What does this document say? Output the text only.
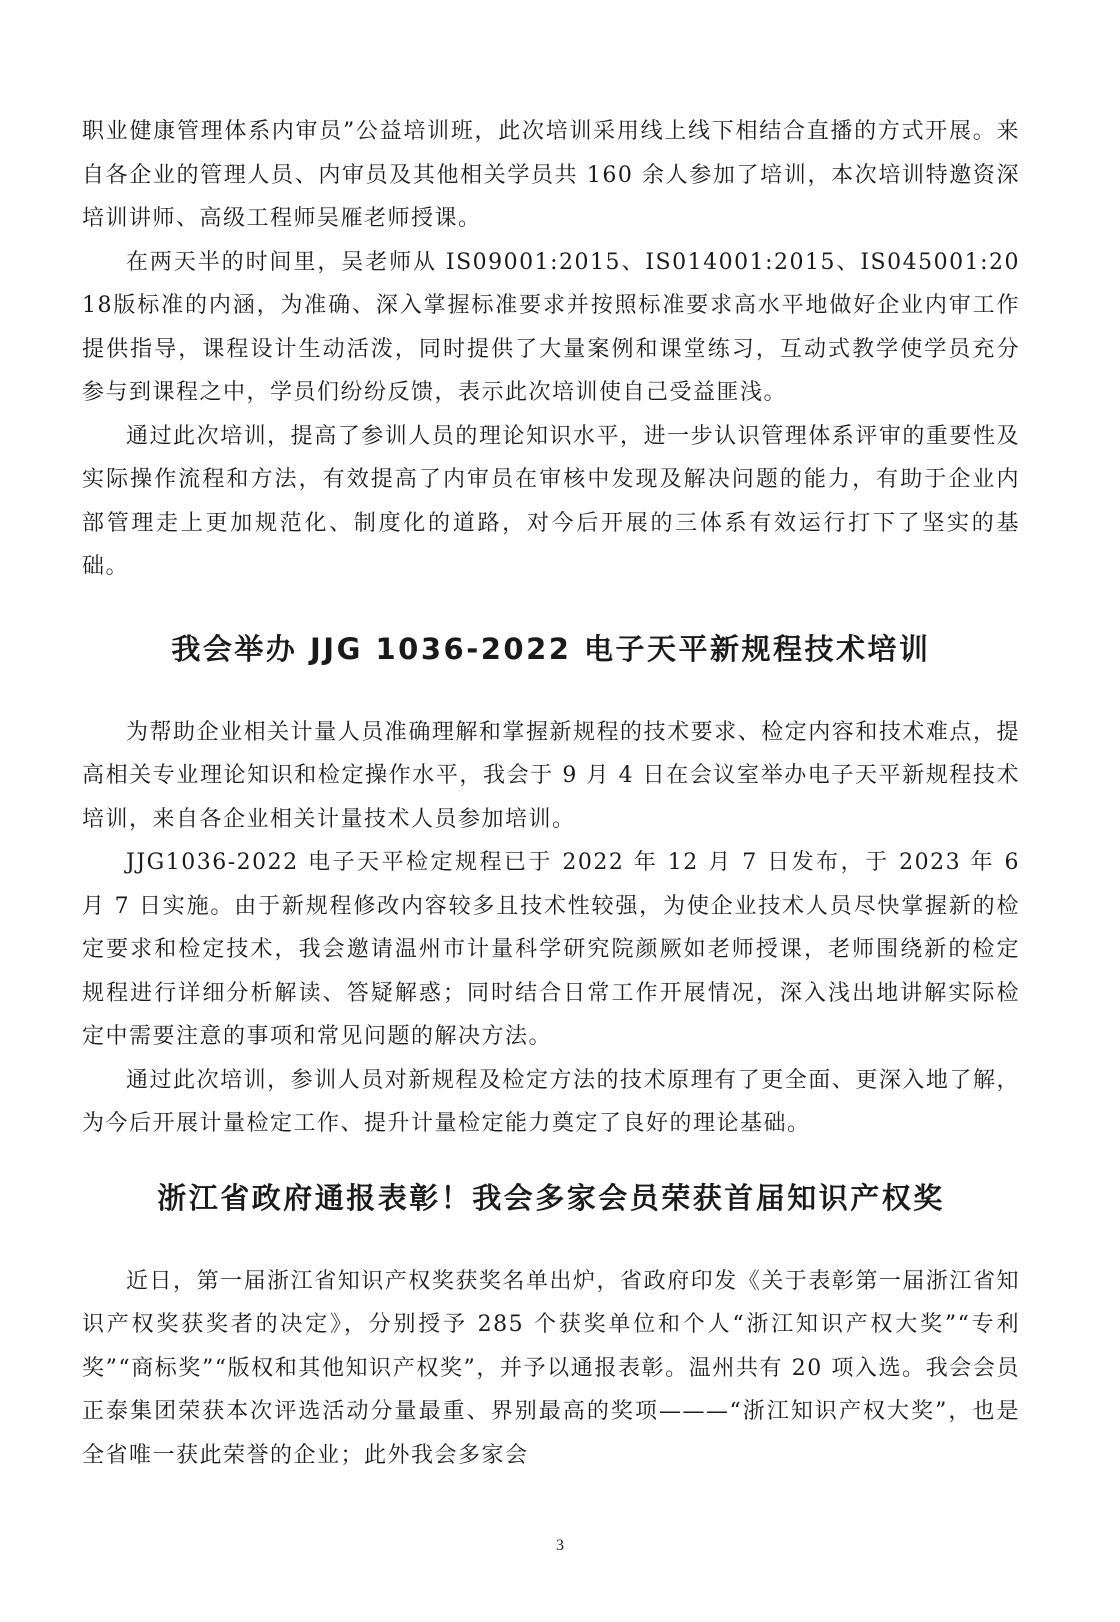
职业健康管理体系内审员”公益培训班，此次培训采用线上线下相结合直播的方式开展。来自各企业的管理人员、内审员及其他相关学员共 160 余人参加了培训，本次培训特邀资深培训讲师、高级工程师吴雁老师授课。

在两天半的时间里，吴老师从 IS09001:2015、IS014001:2015、IS045001:2018版标准的内涵，为准确、深入掌握标准要求并按照标准要求高水平地做好企业内审工作提供指导，课程设计生动活泼，同时提供了大量案例和课堂练习，互动式教学使学员充分参与到课程之中，学员们纷纷反馈，表示此次培训使自己受益匪浅。

通过此次培训，提高了参训人员的理论知识水平，进一步认识管理体系评审的重要性及实际操作流程和方法，有效提高了内审员在审核中发现及解决问题的能力，有助于企业内部管理走上更加规范化、制度化的道路，对今后开展的三体系有效运行打下了坚实的基础。

我会举办 JJG 1036-2022 电子天平新规程技术培训

为帮助企业相关计量人员准确理解和掌握新规程的技术要求、检定内容和技术难点，提高相关专业理论知识和检定操作水平，我会于 9 月 4 日在会议室举办电子天平新规程技术培训，来自各企业相关计量技术人员参加培训。

JJG1036-2022 电子天平检定规程已于 2022 年 12 月 7 日发布，于 2023 年 6 月 7 日实施。由于新规程修改内容较多且技术性较强，为使企业技术人员尽快掌握新的检定要求和检定技术，我会邀请温州市计量科学研究院颜厥如老师授课，老师围绕新的检定规程进行详细分析解读、答疑解惑；同时结合日常工作开展情况，深入浅出地讲解实际检定中需要注意的事项和常见问题的解决方法。

通过此次培训，参训人员对新规程及检定方法的技术原理有了更全面、更深入地了解，为今后开展计量检定工作、提升计量检定能力奠定了良好的理论基础。

浙江省政府通报表彰！我会多家会员荣获首届知识产权奖

近日，第一届浙江省知识产权奖获奖名单出炉，省政府印发《关于表彰第一届浙江省知识产权奖获奖者的决定》，分别授予 285 个获奖单位和个人“浙江知识产权大奖”“专利奖”“商标奖”“版权和其他知识产权奖”，并予以通报表彰。温州共有 20 项入选。我会会员正泰集团荣获本次评选活动分量最重、界别最高的奖项———“浙江知识产权大奖”，也是全省唯一获此荣誉的企业；此外我会多家会

3
